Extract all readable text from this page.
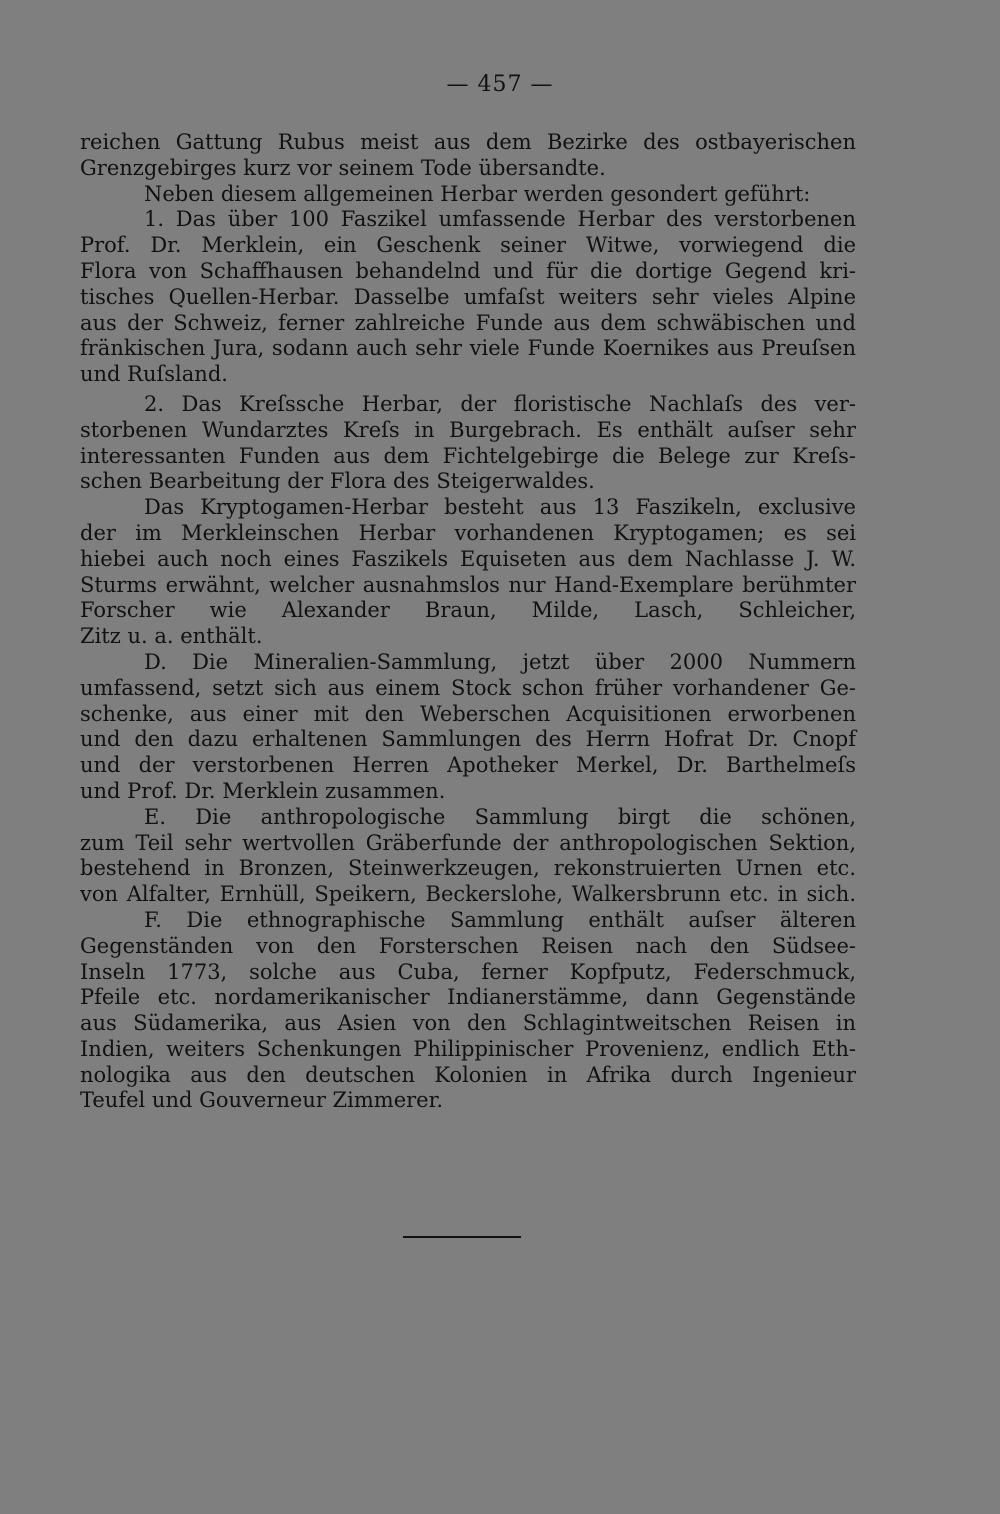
— 457 —
reichen Gattung Rubus meist aus dem Bezirke des ostbayerischen
Grenzgebirges kurz vor seinem Tode übersandte.
Neben diesem allgemeinen Herbar werden gesondert geführt:
1. Das über 100 Faszikel umfassende Herbar des verstorbenen
Prof. Dr. Merklein, ein Geschenk seiner Witwe, vorwiegend die
Flora von Schaffhausen behandelnd und für die dortige Gegend kri-
tisches Quellen-Herbar. Dasselbe umfaſst weiters sehr vieles Alpine
aus der Schweiz, ferner zahlreiche Funde aus dem schwäbischen und
fränkischen Jura, sodann auch sehr viele Funde Koernikes aus Preuſsen
und Ruſsland.
2. Das Kreſssche Herbar, der floristische Nachlaſs des ver-
storbenen Wundarztes Kreſs in Burgebrach. Es enthält auſser sehr
interessanten Funden aus dem Fichtelgebirge die Belege zur Kreſs-
schen Bearbeitung der Flora des Steigerwaldes.
Das Kryptogamen-Herbar besteht aus 13 Faszikeln, exclusive
der im Merkleinschen Herbar vorhandenen Kryptogamen; es sei
hiebei auch noch eines Faszikels Equiseten aus dem Nachlasse J. W.
Sturms erwähnt, welcher ausnahmslos nur Hand-Exemplare berühmter
Forscher wie Alexander Braun, Milde, Lasch, Schleicher,
Zitz u. a. enthält.
D. Die Mineralien-Sammlung, jetzt über 2000 Nummern
umfassend, setzt sich aus einem Stock schon früher vorhandener Ge-
schenke, aus einer mit den Weberschen Acquisitionen erworbenen
und den dazu erhaltenen Sammlungen des Herrn Hofrat Dr. Cnopf
und der verstorbenen Herren Apotheker Merkel, Dr. Barthelmeſs
und Prof. Dr. Merklein zusammen.
E. Die anthropologische Sammlung birgt die schönen,
zum Teil sehr wertvollen Gräberfunde der anthropologischen Sektion,
bestehend in Bronzen, Steinwerkzeugen, rekonstruierten Urnen etc.
von Alfalter, Ernhüll, Speikern, Beckerslohe, Walkersbrunn etc. in sich.
F. Die ethnographische Sammlung enthält auſser älteren
Gegenständen von den Forsterschen Reisen nach den Südsee-
Inseln 1773, solche aus Cuba, ferner Kopfputz, Federschmuck,
Pfeile etc. nordamerikanischer Indianerstämme, dann Gegenstände
aus Südamerika, aus Asien von den Schlagintweitschen Reisen in
Indien, weiters Schenkungen Philippinischer Provenienz, endlich Eth-
nologika aus den deutschen Kolonien in Afrika durch Ingenieur
Teufel und Gouverneur Zimmerer.
